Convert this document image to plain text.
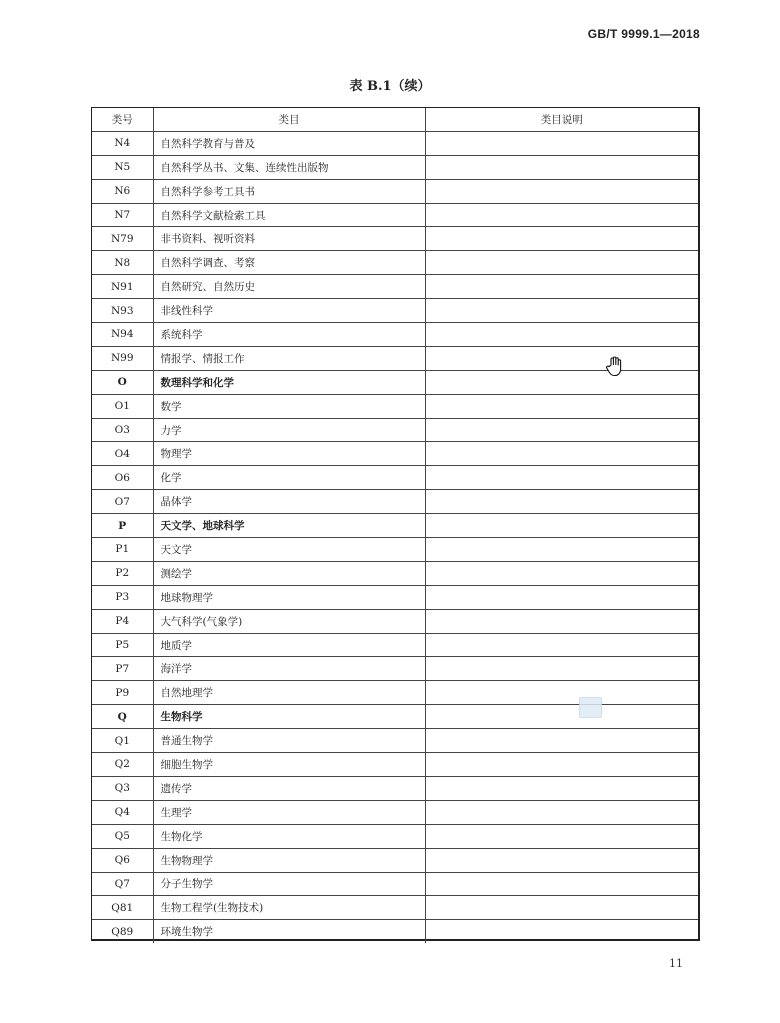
GB/T 9999.1—2018
表 B.1（续）
类号	类目	类目说明
N4	自然科学教育与普及	
N5	自然科学丛书、文集、连续性出版物	
N6	自然科学参考工具书	
N7	自然科学文献检索工具	
N79	非书资料、视听资料	
N8	自然科学调查、考察	
N91	自然研究、自然历史	
N93	非线性科学	
N94	系统科学	
N99	情报学、情报工作	
O	数理科学和化学	
O1	数学	
O3	力学	
O4	物理学	
O6	化学	
O7	晶体学	
P	天文学、地球科学	
P1	天文学	
P2	测绘学	
P3	地球物理学	
P4	大气科学(气象学)	
P5	地质学	
P7	海洋学	
P9	自然地理学	
Q	生物科学	
Q1	普通生物学	
Q2	细胞生物学	
Q3	遗传学	
Q4	生理学	
Q5	生物化学	
Q6	生物物理学	
Q7	分子生物学	
Q81	生物工程学(生物技术)	
Q89	环境生物学	
11
